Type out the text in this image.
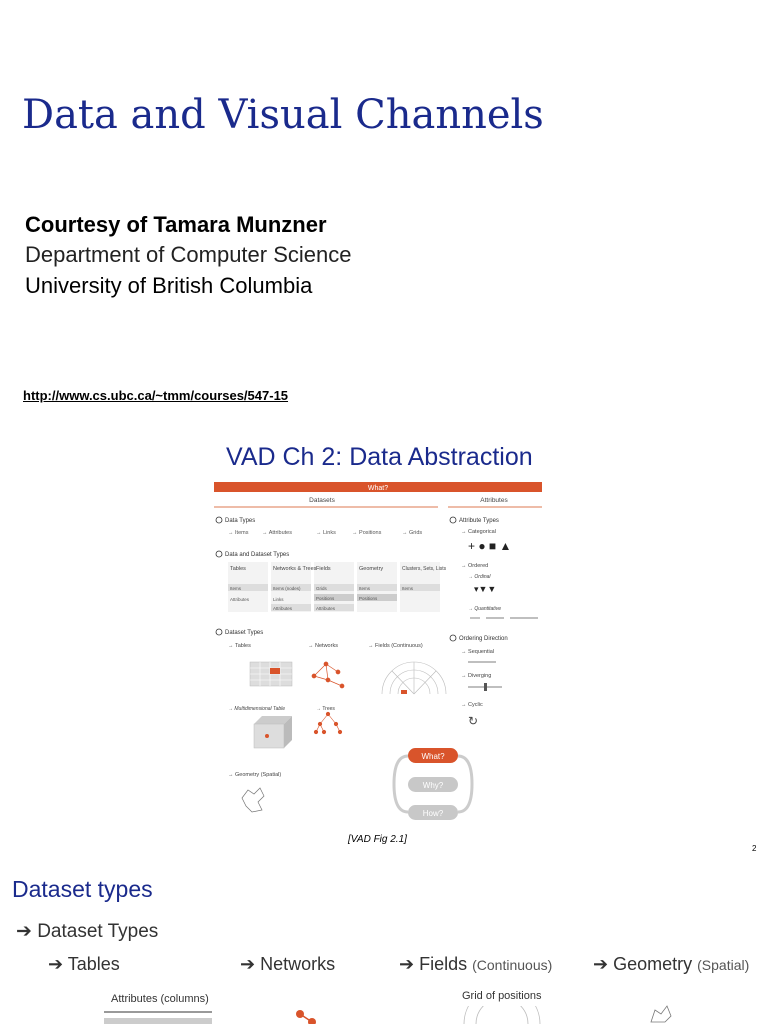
Data and Visual Channels
Courtesy of Tamara Munzner
Department of Computer Science
University of British Columbia
http://www.cs.ubc.ca/~tmm/courses/547-15
VAD Ch 2: Data Abstraction
What?
Datasets	Attributes
Data Types
→ Items → Attributes	→ Links	→ Positions	→ Grids
Data and Dataset Types
Tables	Networks & Trees Fields	Geometry	Clusters, Sets, Lists
Items
Attributes
Items (nodes)
Links
Attributes
Grids
Positions
Attributes
Items
Positions
Items
Dataset Types
→ Tables	→ Networks	→ Fields (Continuous)
→ Multidimensional Table	→ Trees
→ Geometry (Spatial)
Attribute Types
→ Categorical
+ ● ■ ▲
→ Ordered
→ Ordinal
▾▼▼
→ Quantitative
Ordering Direction
→ Sequential
→ Diverging
→ Cyclic
↻
What?
Why?
How?
[VAD Fig 2.1]
2
Dataset types
➔ Dataset Types
➔ Tables	➔ Networks	➔ Fields (Continuous) ➔ Geometry (Spatial)
Attributes (columns)	Grid of positions
